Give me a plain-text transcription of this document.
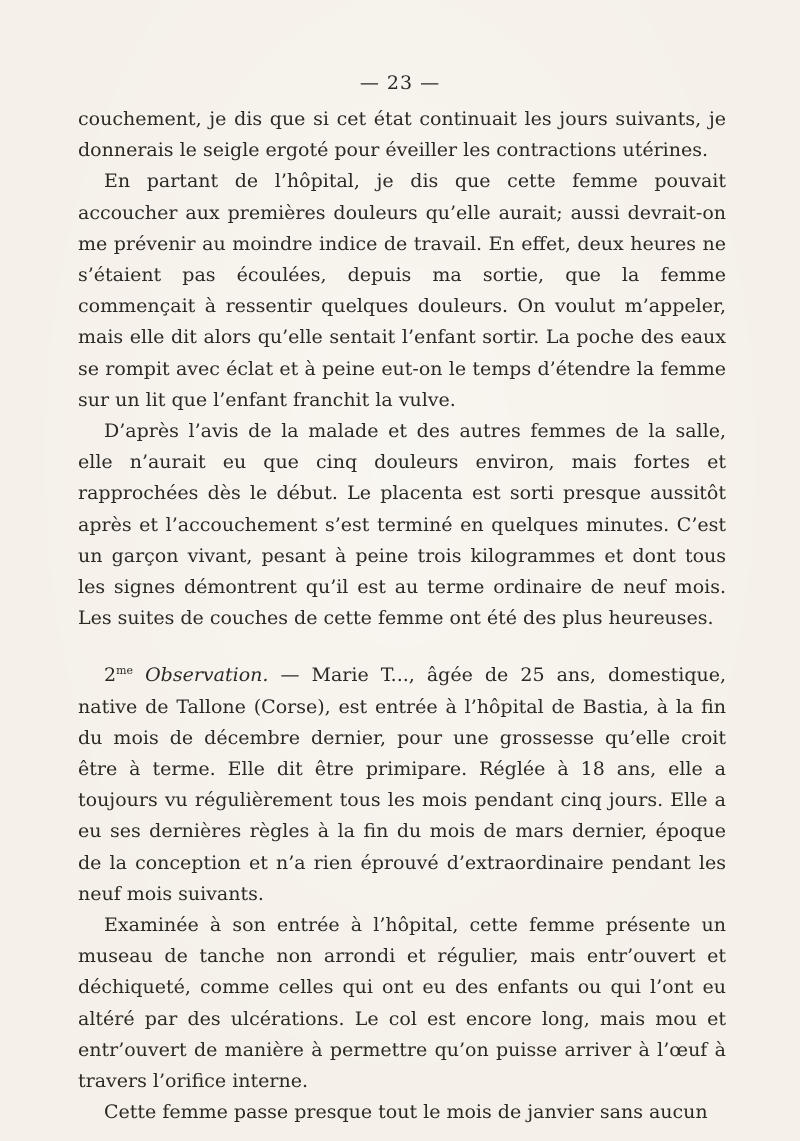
— 23 —

couchement, je dis que si cet état continuait les jours suivants, je donnerais le seigle ergoté pour éveiller les contractions utérines.

En partant de l’hôpital, je dis que cette femme pouvait accoucher aux premières douleurs qu’elle aurait; aussi devrait-on me prévenir au moindre indice de travail. En effet, deux heures ne s’étaient pas écoulées, depuis ma sortie, que la femme commençait à ressentir quelques douleurs. On voulut m’appeler, mais elle dit alors qu’elle sentait l’enfant sortir. La poche des eaux se rompit avec éclat et à peine eut-on le temps d’étendre la femme sur un lit que l’enfant franchit la vulve.

D’après l’avis de la malade et des autres femmes de la salle, elle n’aurait eu que cinq douleurs environ, mais fortes et rapprochées dès le début. Le placenta est sorti presque aussitôt après et l’accouchement s’est terminé en quelques minutes. C’est un garçon vivant, pesant à peine trois kilogrammes et dont tous les signes démontrent qu’il est au terme ordinaire de neuf mois. Les suites de couches de cette femme ont été des plus heureuses.

$2^{me}$ Observation. — Marie T..., âgée de 25 ans, domestique, native de Tallone (Corse), est entrée à l’hôpital de Bastia, à la fin du mois de décembre dernier, pour une grossesse qu’elle croit être à terme. Elle dit être primipare. Réglée à 18 ans, elle a toujours vu régulièrement tous les mois pendant cinq jours. Elle a eu ses dernières règles à la fin du mois de mars dernier, époque de la conception et n’a rien éprouvé d’extraordinaire pendant les neuf mois suivants.

Examinée à son entrée à l’hôpital, cette femme présente un museau de tanche non arrondi et régulier, mais entr’ouvert et déchiqueté, comme celles qui ont eu des enfants ou qui l’ont eu altéré par des ulcérations. Le col est encore long, mais mou et entr’ouvert de manière à permettre qu’on puisse arriver à l’œuf à travers l’orifice interne.

Cette femme passe presque tout le mois de janvier sans aucun
